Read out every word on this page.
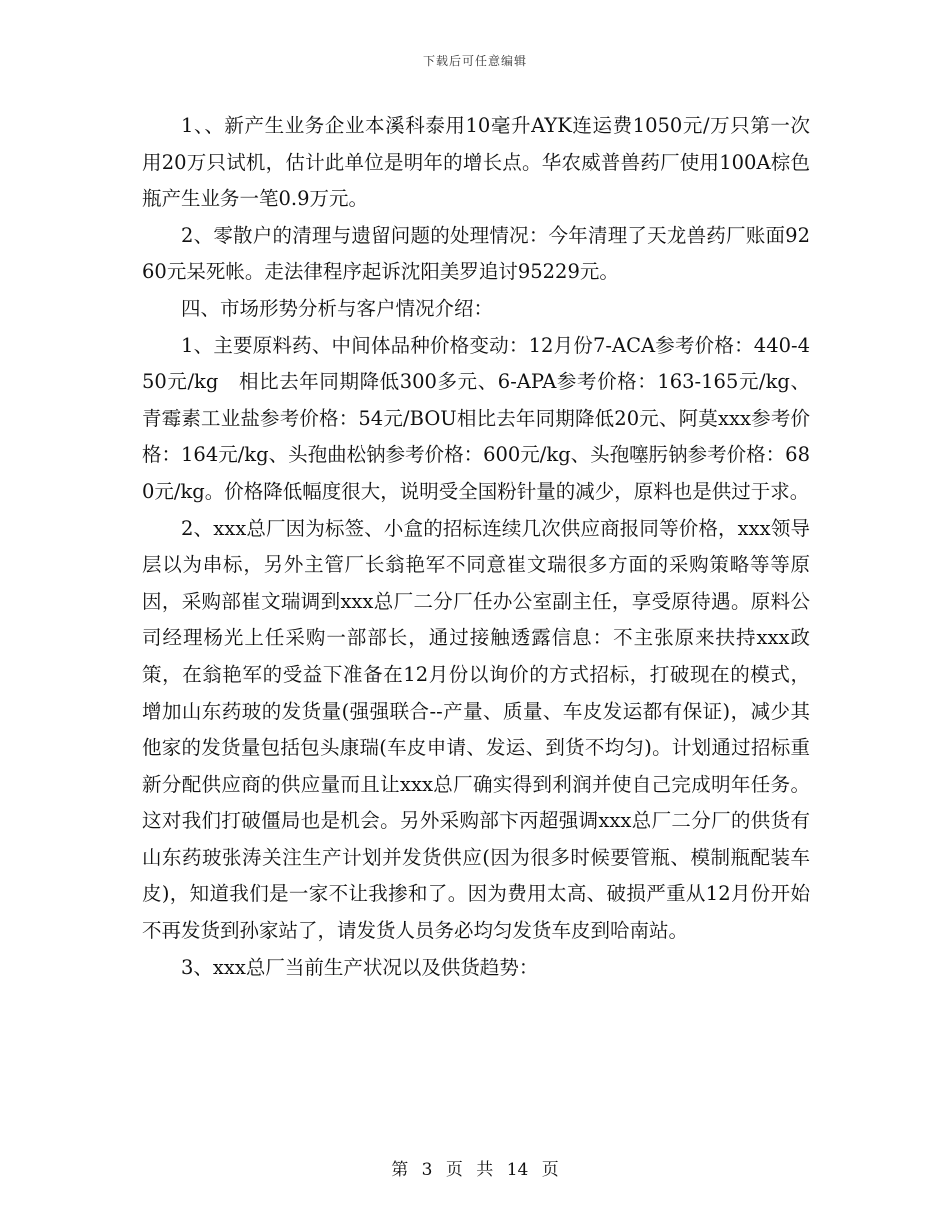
下载后可任意编辑

1、、新产生业务企业本溪科泰用10毫升AYK连运费1050元/万只第一次用20万只试机，估计此单位是明年的增长点。华农威普兽药厂使用100A棕色瓶产生业务一笔0.9万元。

2、零散户的清理与遗留问题的处理情况：今年清理了天龙兽药厂账面9260元呆死帐。走法律程序起诉沈阳美罗追讨95229元。

四、市场形势分析与客户情况介绍：

1、主要原料药、中间体品种价格变动：12月份7-ACA参考价格：440-450元/kg　相比去年同期降低300多元、6-APA参考价格：163-165元/kg、青霉素工业盐参考价格：54元/BOU相比去年同期降低20元、阿莫xxx参考价格：164元/kg、头孢曲松钠参考价格：600元/kg、头孢噻肟钠参考价格：680元/kg。价格降低幅度很大，说明受全国粉针量的减少，原料也是供过于求。

2、xxx总厂因为标签、小盒的招标连续几次供应商报同等价格，xxx领导层以为串标，另外主管厂长翁艳军不同意崔文瑞很多方面的采购策略等等原因，采购部崔文瑞调到xxx总厂二分厂任办公室副主任，享受原待遇。原料公司经理杨光上任采购一部部长，通过接触透露信息：不主张原来扶持xxx政策，在翁艳军的受益下准备在12月份以询价的方式招标，打破现在的模式，增加山东药玻的发货量(强强联合--产量、质量、车皮发运都有保证)，减少其他家的发货量包括包头康瑞(车皮申请、发运、到货不均匀)。计划通过招标重新分配供应商的供应量而且让xxx总厂确实得到利润并使自己完成明年任务。这对我们打破僵局也是机会。另外采购部卞丙超强调xxx总厂二分厂的供货有山东药玻张涛关注生产计划并发货供应(因为很多时候要管瓶、模制瓶配装车皮)，知道我们是一家不让我掺和了。因为费用太高、破损严重从12月份开始不再发货到孙家站了，请发货人员务必均匀发货车皮到哈南站。

3、xxx总厂当前生产状况以及供货趋势：

第 3 页 共 14 页
